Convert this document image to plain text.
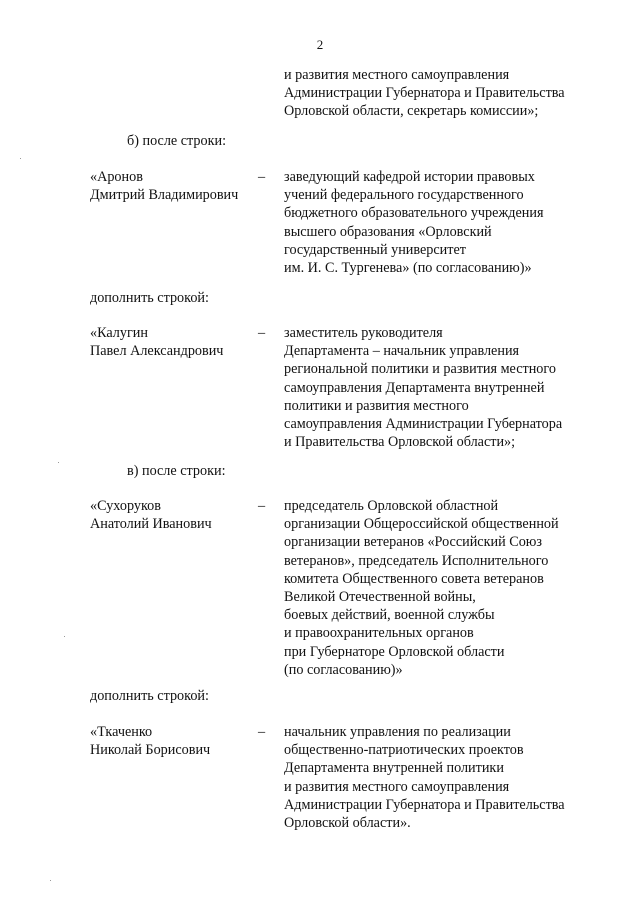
2
и развития местного самоуправления
Администрации Губернатора и Правительства
Орловской области, секретарь комиссии»;
б) после строки:
«Аронов
Дмитрий Владимирович
– заведующий кафедрой истории правовых
учений федерального государственного
бюджетного образовательного учреждения
высшего образования «Орловский
государственный университет
им. И. С. Тургенева» (по согласованию)»
дополнить строкой:
«Калугин
Павел Александрович
– заместитель руководителя
Департамента – начальник управления
региональной политики и развития местного
самоуправления Департамента внутренней
политики и развития местного
самоуправления Администрации Губернатора
и Правительства Орловской области»;
в) после строки:
«Сухоруков
Анатолий Иванович
– председатель Орловской областной
организации Общероссийской общественной
организации ветеранов «Российский Союз
ветеранов», председатель Исполнительного
комитета Общественного совета ветеранов
Великой Отечественной войны,
боевых действий, военной службы
и правоохранительных органов
при Губернаторе Орловской области
(по согласованию)»
дополнить строкой:
«Ткаченко
Николай Борисович
– начальник управления по реализации
общественно-патриотических проектов
Департамента внутренней политики
и развития местного самоуправления
Администрации Губернатора и Правительства
Орловской области».
